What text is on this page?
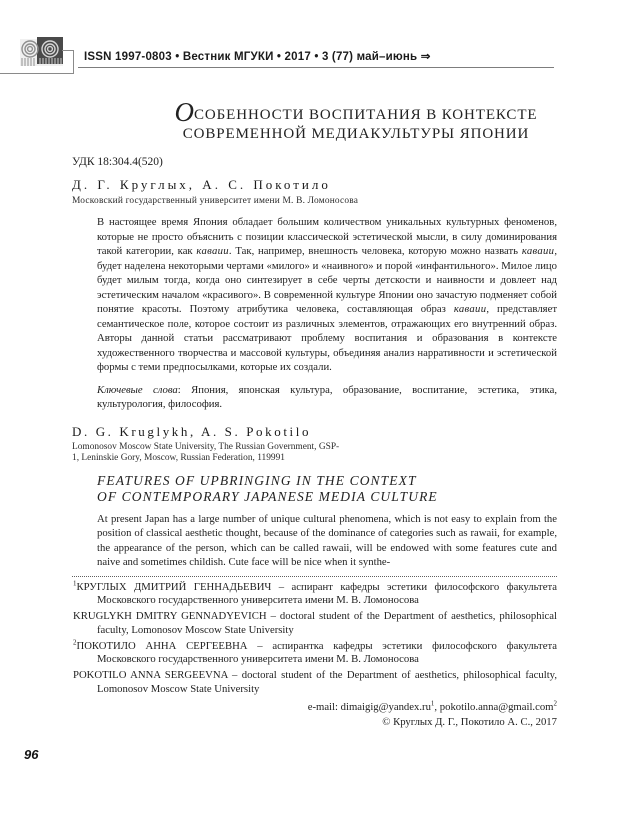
ISSN 1997-0803 • Вестник МГУКИ • 2017 • 3 (77) май–июнь ⇒
ОСОБЕННОСТИ ВОСПИТАНИЯ В КОНТЕКСТЕ
СОВРЕМЕННОЙ МЕДИАКУЛЬТУРЫ ЯПОНИИ
УДК 18:304.4(520)
Д. Г. Круглых, А. С. Покотило
Московский государственный университет имени М. В. Ломоносова
В настоящее время Япония обладает большим количеством уникальных культурных феноменов, которые не просто объяснить с позиции классической эстетической мысли, в силу доминирования такой категории, как каваии. Так, например, внешность человека, которую можно назвать каваии, будет наделена некоторыми чертами «милого» и «наивного» и порой «инфантильного». Милое лицо будет милым тогда, когда оно синтезирует в себе черты детскости и наивности и довлеет над эстетическим началом «красивого». В современной культуре Японии оно зачастую подменяет собой понятие красоты. Поэтому атрибутика человека, составляющая образ каваии, представляет семантическое поле, которое состоит из различных элементов, отражающих его внутренний образ. Авторы данной статьи рассматривают проблему воспитания и образования в контексте художественного творчества и массовой культуры, объединяя анализ нарративности и эстетической формы с теми предпосылками, которые их создали.
Ключевые слова: Япония, японская культура, образование, воспитание, эстетика, этика, культурология, философия.
D. G. Kruglykh, A. S. Pokotilo
Lomonosov Moscow State University, The Russian Government, GSP-
1, Leninskie Gory, Moscow, Russian Federation, 119991
FEATURES OF UPBRINGING IN THE CONTEXT
OF CONTEMPORARY JAPANESE MEDIA CULTURE
At present Japan has a large number of unique cultural phenomena, which is not easy to explain from the position of classical aesthetic thought, because of the dominance of categories such as rawaii, for example, the appearance of the person, which can be called rawaii, will be endowed with some features cute and naive and sometimes childish. Cute face will be nice when it synthe-

$^1$КРУГЛЫХ ДМИТРИЙ ГЕННАДЬЕВИЧ – аспирант кафедры эстетики философского факультета Московского государственного университета имени М. В. Ломоносова

KRUGLYKH DMITRY GENNADYEVICH – doctoral student of the Department of aesthetics, philosophical faculty, Lomonosov Moscow State University

$^2$ПОКОТИЛО АННА СЕРГЕЕВНА – аспирантка кафедры эстетики философского факультета Московского государственного университета имени М. В. Ломоносова

POKOTILO ANNA SERGEEVNA – doctoral student of the Department of aesthetics, philosophical faculty, Lomonosov Moscow State University

e-mail: $dimaigig@yandex.ru^1$, pokotilo.anna@gmail.com$^2$
© Круглых Д. Г., Покотило А. С., 2017
96
